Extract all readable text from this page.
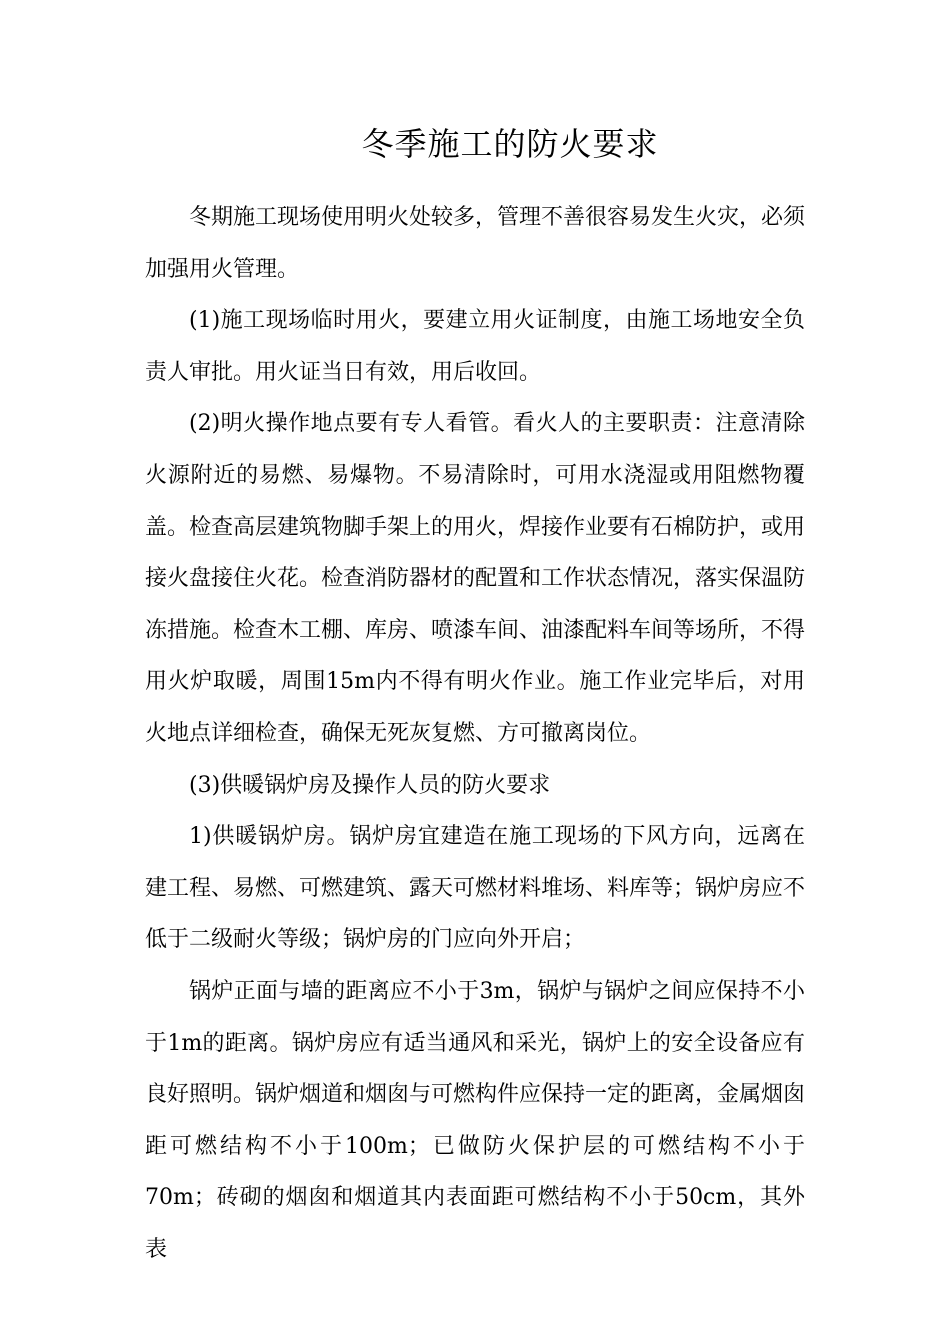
冬季施工的防火要求

冬期施工现场使用明火处较多，管理不善很容易发生火灾，必须加强用火管理。

(1)施工现场临时用火，要建立用火证制度，由施工场地安全负责人审批。用火证当日有效，用后收回。

(2)明火操作地点要有专人看管。看火人的主要职责：注意清除火源附近的易燃、易爆物。不易清除时，可用水浇湿或用阻燃物覆盖。检查高层建筑物脚手架上的用火，焊接作业要有石棉防护，或用接火盘接住火花。检查消防器材的配置和工作状态情况，落实保温防冻措施。检查木工棚、库房、喷漆车间、油漆配料车间等场所，不得用火炉取暖，周围15m内不得有明火作业。施工作业完毕后，对用火地点详细检查，确保无死灰复燃、方可撤离岗位。

(3)供暖锅炉房及操作人员的防火要求

1)供暖锅炉房。锅炉房宜建造在施工现场的下风方向，远离在建工程、易燃、可燃建筑、露天可燃材料堆场、料库等；锅炉房应不低于二级耐火等级；锅炉房的门应向外开启；

锅炉正面与墙的距离应不小于3m，锅炉与锅炉之间应保持不小于1m的距离。锅炉房应有适当通风和采光，锅炉上的安全设备应有良好照明。锅炉烟道和烟囱与可燃构件应保持一定的距离，金属烟囱距可燃结构不小于100m；已做防火保护层的可燃结构不小于70m；砖砌的烟囱和烟道其内表面距可燃结构不小于50cm，其外表
